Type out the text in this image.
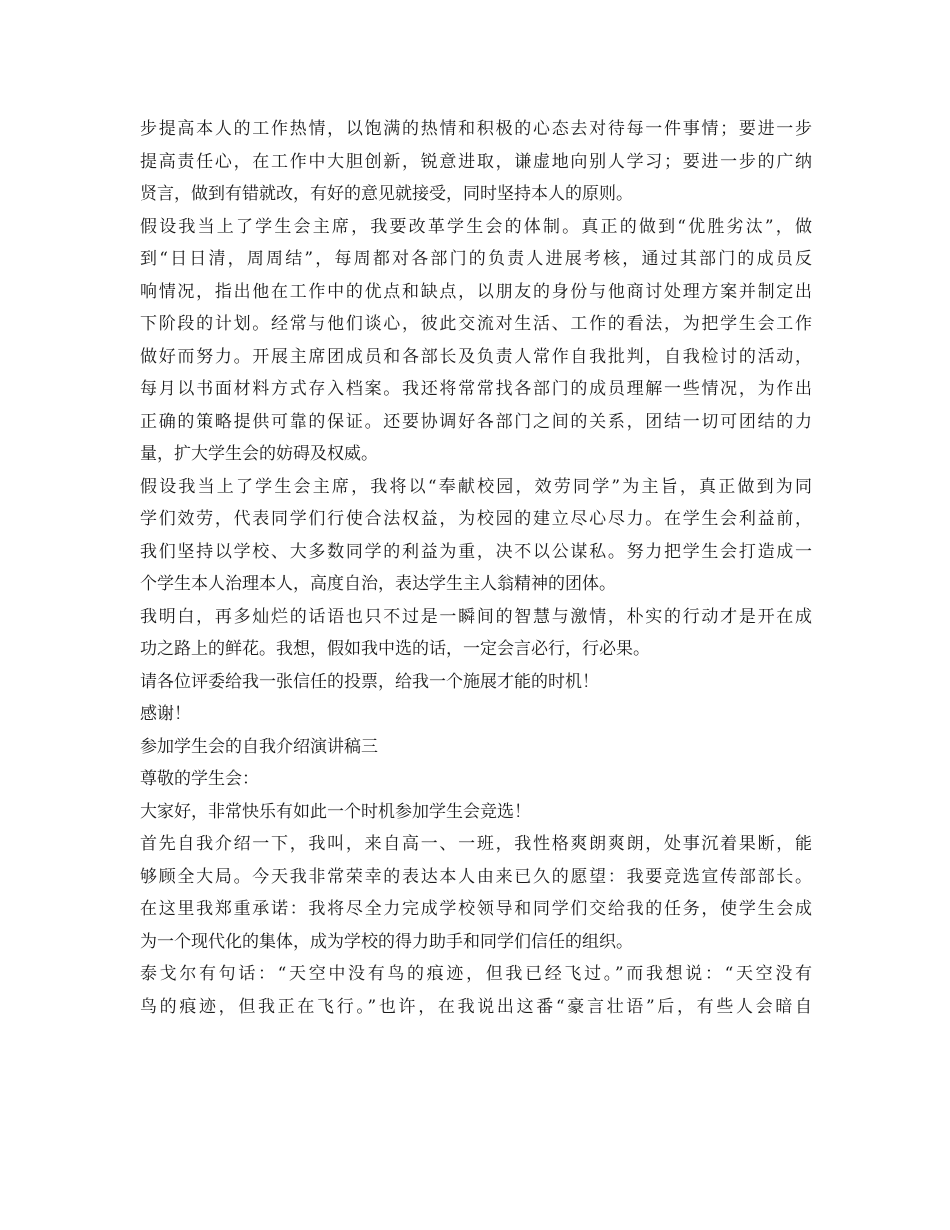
步提高本人的工作热情，以饱满的热情和积极的心态去对待每一件事情；要进一步
提高责任心，在工作中大胆创新，锐意进取，谦虚地向别人学习；要进一步的广纳
贤言，做到有错就改，有好的意见就接受，同时坚持本人的原则。
假设我当上了学生会主席，我要改革学生会的体制。真正的做到“优胜劣汰”，做
到“日日清，周周结”，每周都对各部门的负责人进展考核，通过其部门的成员反
响情况，指出他在工作中的优点和缺点，以朋友的身份与他商讨处理方案并制定出
下阶段的计划。经常与他们谈心，彼此交流对生活、工作的看法，为把学生会工作
做好而努力。开展主席团成员和各部长及负责人常作自我批判，自我检讨的活动，
每月以书面材料方式存入档案。我还将常常找各部门的成员理解一些情况，为作出
正确的策略提供可靠的保证。还要协调好各部门之间的关系，团结一切可团结的力
量，扩大学生会的妨碍及权威。
假设我当上了学生会主席，我将以“奉献校园，效劳同学”为主旨，真正做到为同
学们效劳，代表同学们行使合法权益，为校园的建立尽心尽力。在学生会利益前，
我们坚持以学校、大多数同学的利益为重，决不以公谋私。努力把学生会打造成一
个学生本人治理本人，高度自治，表达学生主人翁精神的团体。
我明白，再多灿烂的话语也只不过是一瞬间的智慧与激情，朴实的行动才是开在成
功之路上的鲜花。我想，假如我中选的话，一定会言必行，行必果。
请各位评委给我一张信任的投票，给我一个施展才能的时机！
感谢！
参加学生会的自我介绍演讲稿三
尊敬的学生会：
大家好，非常快乐有如此一个时机参加学生会竞选！
首先自我介绍一下，我叫，来自高一、一班，我性格爽朗爽朗，处事沉着果断，能
够顾全大局。今天我非常荣幸的表达本人由来已久的愿望：我要竞选宣传部部长。
在这里我郑重承诺：我将尽全力完成学校领导和同学们交给我的任务，使学生会成
为一个现代化的集体，成为学校的得力助手和同学们信任的组织。
泰戈尔有句话：“天空中没有鸟的痕迹，但我已经飞过。”而我想说：“天空没有
鸟的痕迹，但我正在飞行。”也许，在我说出这番“豪言壮语”后，有些人会暗自
